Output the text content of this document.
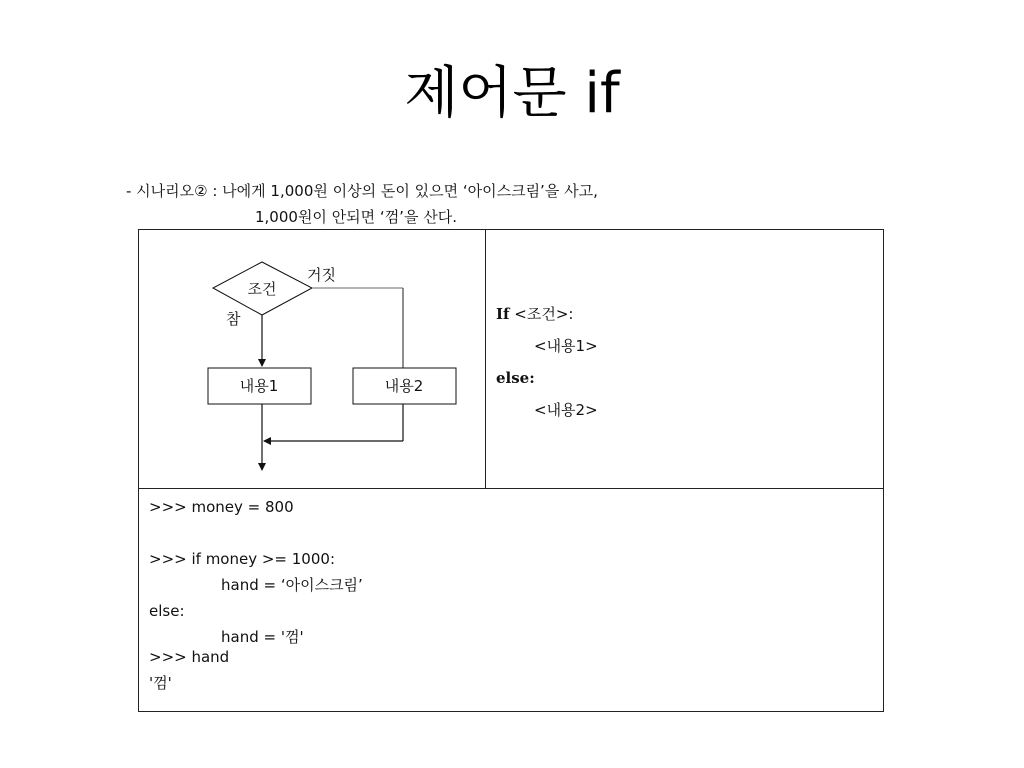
제어문 if
- 시나리오② : 나에게 1,000원 이상의 돈이 있으면 ‘아이스크림’을 사고,
1,000원이 안되면 ‘껌’을 산다.
조건
거짓
참
내용1	내용2
If <조건>:
<내용1>
else:
<내용2>
>>> money = 800
>>> if money >= 1000:
hand = ‘아이스크림’
else:
hand = '껌'
>>> hand
'껌'
